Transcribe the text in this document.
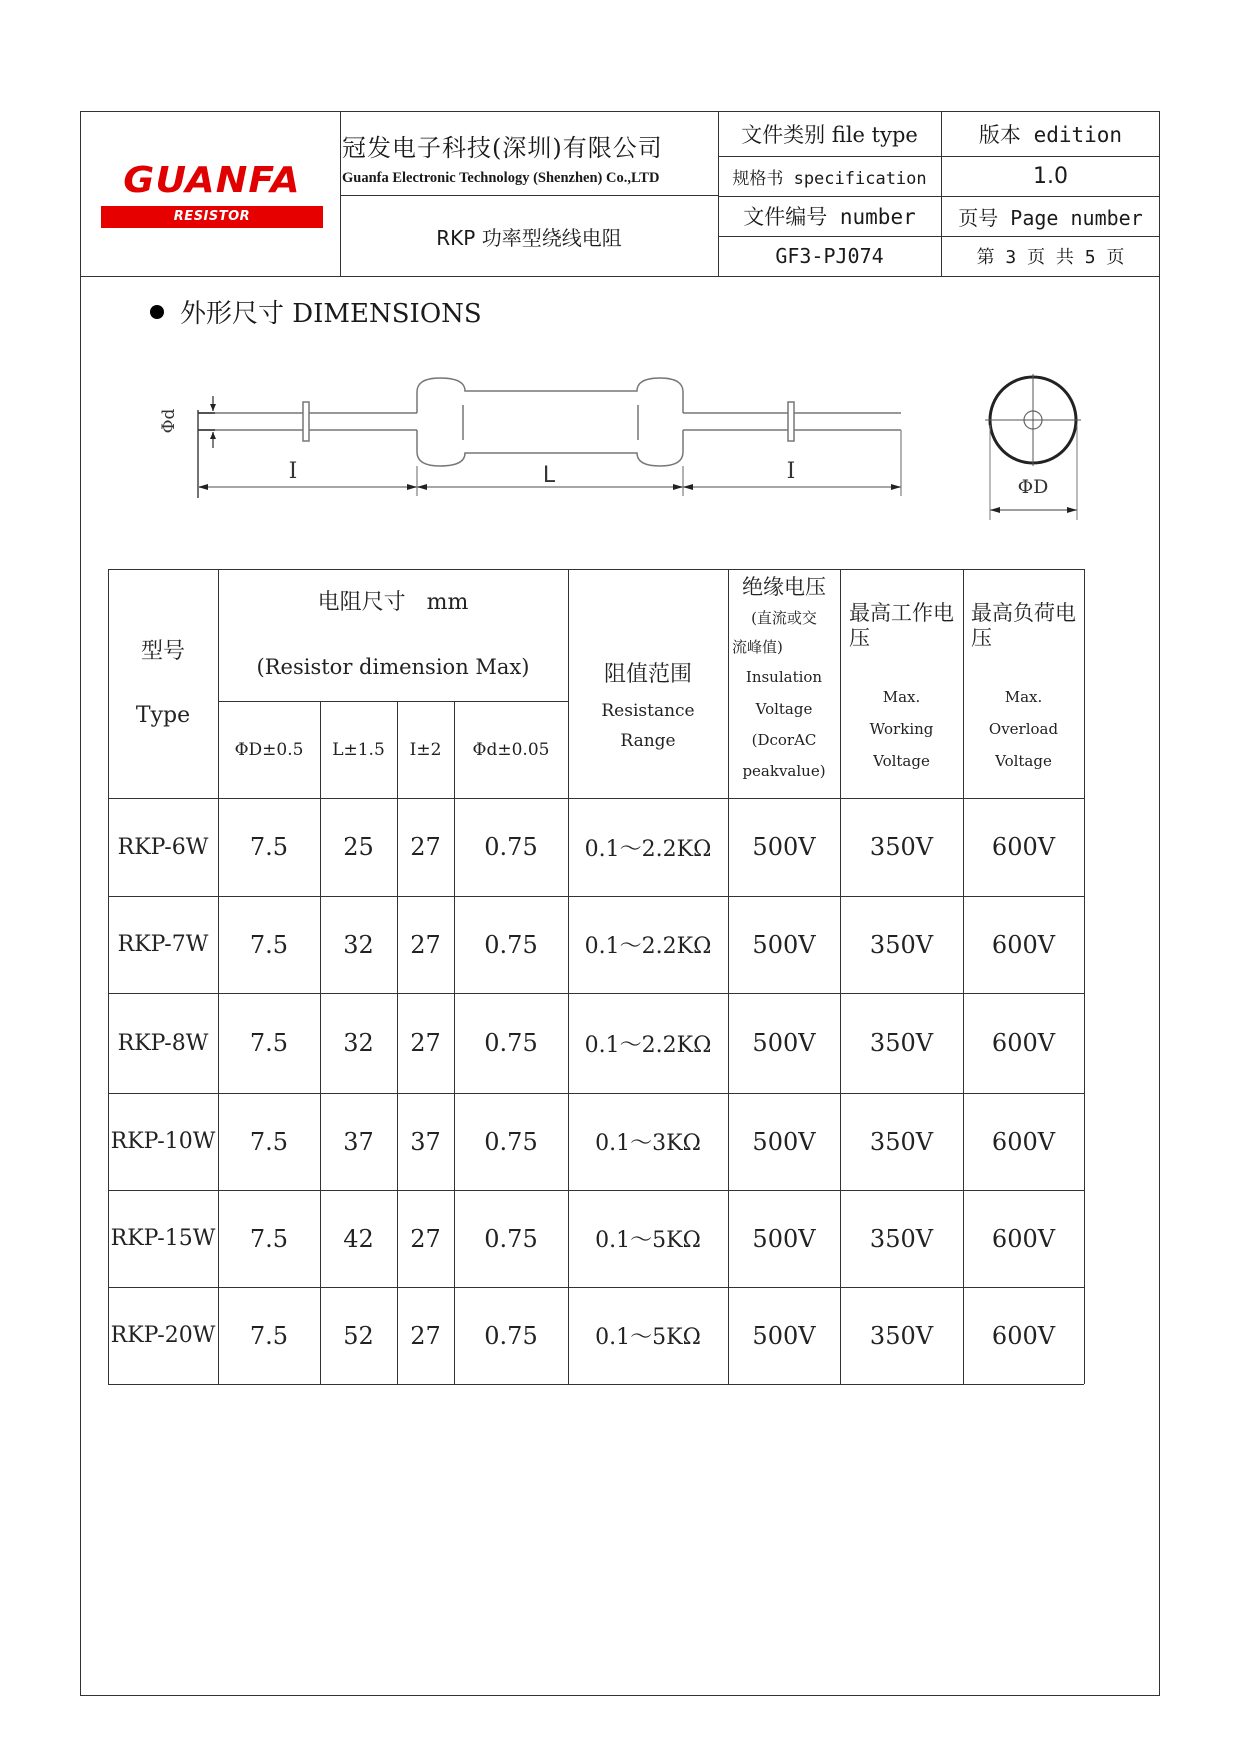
GUANFA
RESISTOR
冠发电子科技(深圳)有限公司
Guanfa Electronic Technology (Shenzhen) Co.,LTD
RKP 功率型绕线电阻
文件类别 file type	版本 edition
规格书 specification	1.0
文件编号 number	页号 Page number
GF3-PJ074	第 3 页 共 5 页
外形尺寸 DIMENSIONS
Φd
I	L	I
ΦD
型号
Type
电阻尺寸   mm
(Resistor dimension Max)
ΦD±0.5	L±1.5	I±2	Φd±0.05
阻值范围
Resistance
Range
绝缘电压
(直流或交
流峰值)
Insulation
Voltage
(DcorAC
peakvalue)
最高工作电压
Max.
Working
Voltage
最高负荷电压
Max.
Overload
Voltage
RKP-6W	7.5	25	27	0.75	0.1～2.2KΩ	500V	350V	600V
RKP-7W	7.5	32	27	0.75	0.1～2.2KΩ	500V	350V	600V
RKP-8W	7.5	32	27	0.75	0.1～2.2KΩ	500V	350V	600V
RKP-10W	7.5	37	37	0.75	0.1～3KΩ	500V	350V	600V
RKP-15W	7.5	42	27	0.75	0.1～5KΩ	500V	350V	600V
RKP-20W	7.5	52	27	0.75	0.1～5KΩ	500V	350V	600V
